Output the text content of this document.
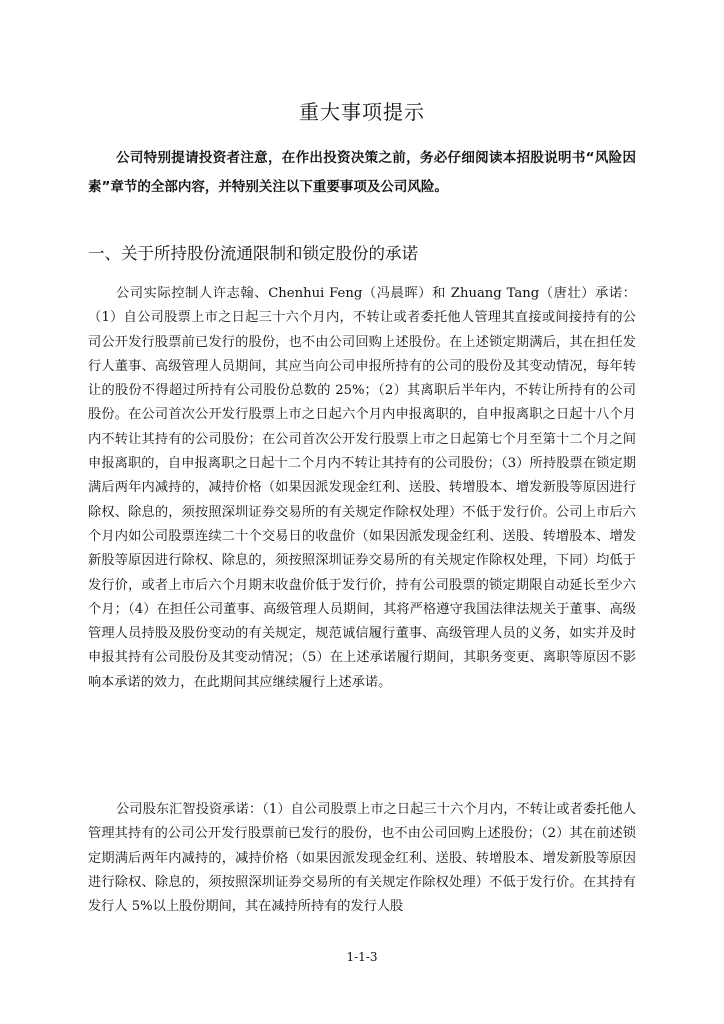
重大事项提示

公司特别提请投资者注意，在作出投资决策之前，务必仔细阅读本招股说明书“风险因素”章节的全部内容，并特别关注以下重要事项及公司风险。

一、关于所持股份流通限制和锁定股份的承诺

公司实际控制人许志翰、Chenhui Feng（冯晨晖）和 Zhuang Tang（唐壮）承诺：（1）自公司股票上市之日起三十六个月内，不转让或者委托他人管理其直接或间接持有的公司公开发行股票前已发行的股份，也不由公司回购上述股份。在上述锁定期满后，其在担任发行人董事、高级管理人员期间，其应当向公司申报所持有的公司的股份及其变动情况，每年转让的股份不得超过所持有公司股份总数的 25%；（2）其离职后半年内，不转让所持有的公司股份。在公司首次公开发行股票上市之日起六个月内申报离职的，自申报离职之日起十八个月内不转让其持有的公司股份；在公司首次公开发行股票上市之日起第七个月至第十二个月之间申报离职的，自申报离职之日起十二个月内不转让其持有的公司股份；（3）所持股票在锁定期满后两年内减持的，减持价格（如果因派发现金红利、送股、转增股本、增发新股等原因进行除权、除息的，须按照深圳证券交易所的有关规定作除权处理）不低于发行价。公司上市后六个月内如公司股票连续二十个交易日的收盘价（如果因派发现金红利、送股、转增股本、增发新股等原因进行除权、除息的，须按照深圳证券交易所的有关规定作除权处理，下同）均低于发行价，或者上市后六个月期末收盘价低于发行价，持有公司股票的锁定期限自动延长至少六个月；（4）在担任公司董事、高级管理人员期间，其将严格遵守我国法律法规关于董事、高级管理人员持股及股份变动的有关规定，规范诚信履行董事、高级管理人员的义务，如实并及时申报其持有公司股份及其变动情况；（5）在上述承诺履行期间，其职务变更、离职等原因不影响本承诺的效力，在此期间其应继续履行上述承诺。

公司股东汇智投资承诺：（1）自公司股票上市之日起三十六个月内，不转让或者委托他人管理其持有的公司公开发行股票前已发行的股份，也不由公司回购上述股份；（2）其在前述锁定期满后两年内减持的，减持价格（如果因派发现金红利、送股、转增股本、增发新股等原因进行除权、除息的，须按照深圳证券交易所的有关规定作除权处理）不低于发行价。在其持有发行人 5%以上股份期间，其在减持所持有的发行人股

1-1-3
